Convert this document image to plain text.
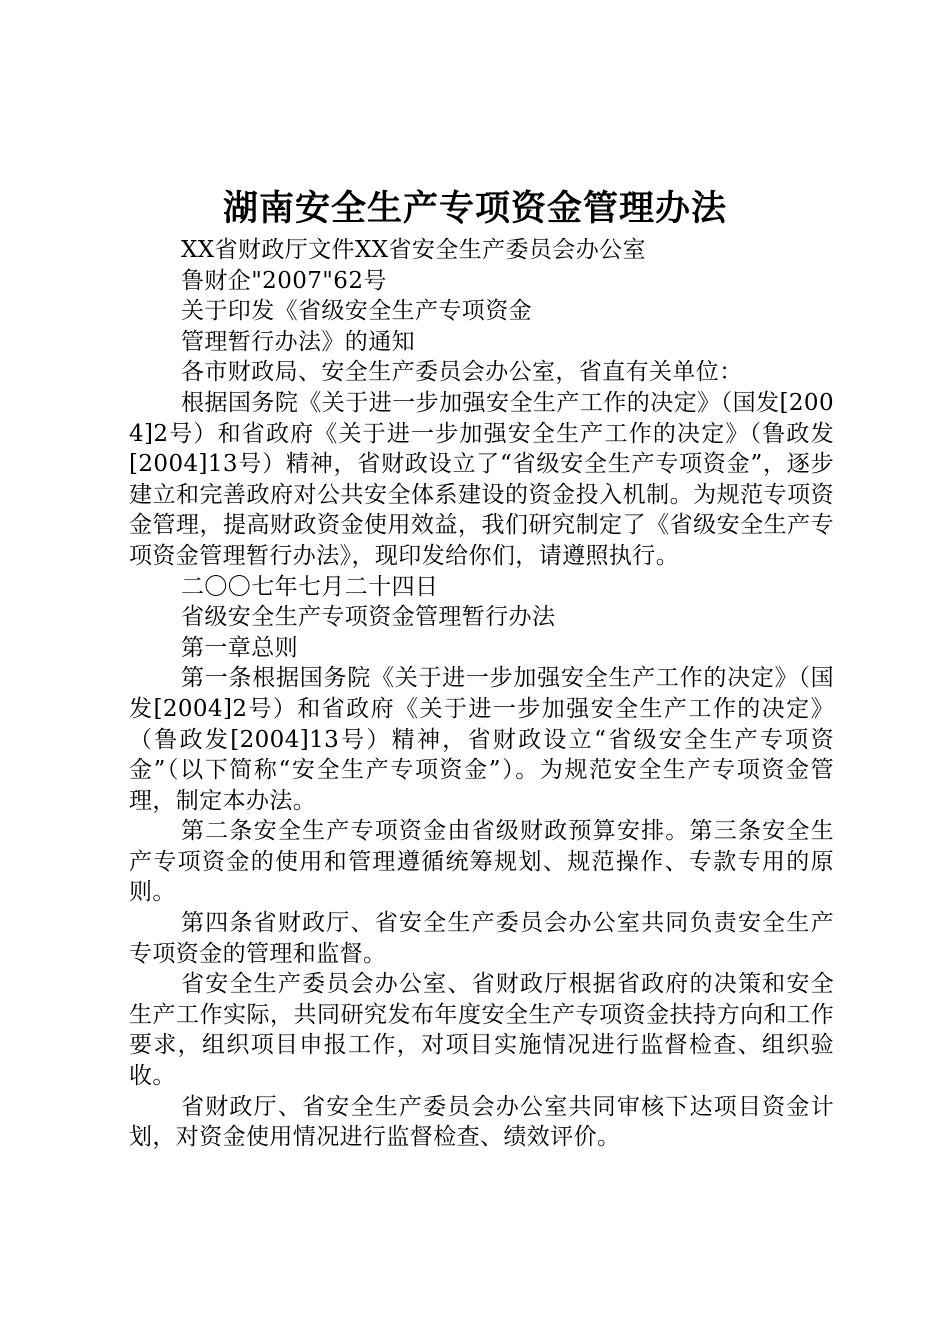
湖南安全生产专项资金管理办法

XX省财政厅文件XX省安全生产委员会办公室

鲁财企"2007"62号

关于印发《省级安全生产专项资金

管理暂行办法》的通知

各市财政局、安全生产委员会办公室，省直有关单位：

根据国务院《关于进一步加强安全生产工作的决定》（国发[2004]2号）和省政府《关于进一步加强安全生产工作的决定》（鲁政发[2004]13号）精神，省财政设立了“省级安全生产专项资金”，逐步建立和完善政府对公共安全体系建设的资金投入机制。为规范专项资金管理，提高财政资金使用效益，我们研究制定了《省级安全生产专项资金管理暂行办法》，现印发给你们，请遵照执行。

二〇〇七年七月二十四日

省级安全生产专项资金管理暂行办法

第一章总则

第一条根据国务院《关于进一步加强安全生产工作的决定》（国发[2004]2号）和省政府《关于进一步加强安全生产工作的决定》（鲁政发[2004]13号）精神，省财政设立“省级安全生产专项资金”（以下简称“安全生产专项资金”）。为规范安全生产专项资金管理，制定本办法。

第二条安全生产专项资金由省级财政预算安排。第三条安全生产专项资金的使用和管理遵循统筹规划、规范操作、专款专用的原则。

第四条省财政厅、省安全生产委员会办公室共同负责安全生产专项资金的管理和监督。

省安全生产委员会办公室、省财政厅根据省政府的决策和安全生产工作实际，共同研究发布年度安全生产专项资金扶持方向和工作要求，组织项目申报工作，对项目实施情况进行监督检查、组织验收。

省财政厅、省安全生产委员会办公室共同审核下达项目资金计划，对资金使用情况进行监督检查、绩效评价。
